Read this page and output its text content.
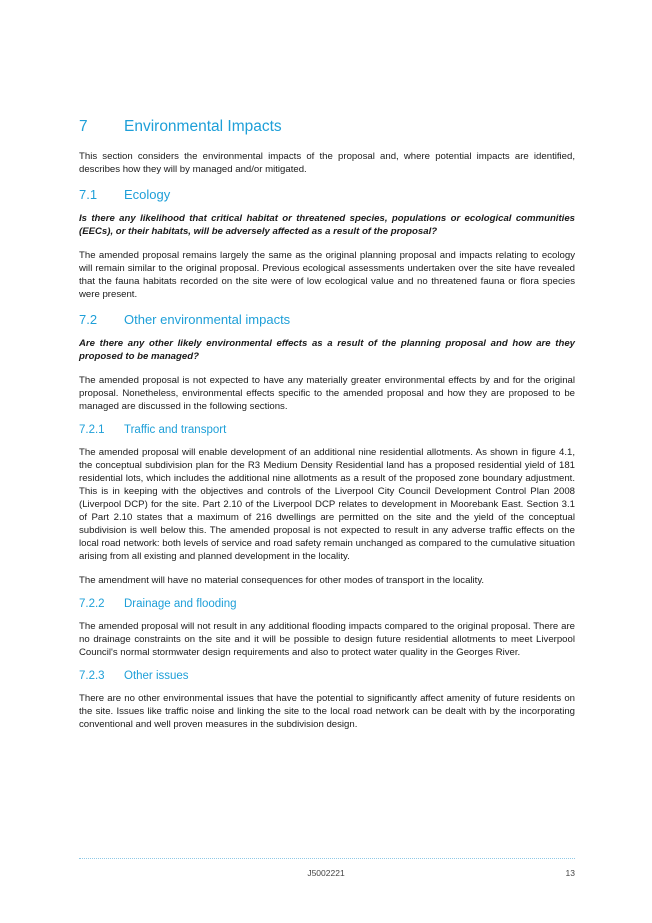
7	Environmental Impacts

This section considers the environmental impacts of the proposal and, where potential impacts are identified, describes how they will by managed and/or mitigated.

7.1	Ecology

Is there any likelihood that critical habitat or threatened species, populations or ecological communities (EECs), or their habitats, will be adversely affected as a result of the proposal?

The amended proposal remains largely the same as the original planning proposal and impacts relating to ecology will remain similar to the original proposal. Previous ecological assessments undertaken over the site have revealed that the fauna habitats recorded on the site were of low ecological value and no threatened fauna or flora species were present.

7.2	Other environmental impacts

Are there any other likely environmental effects as a result of the planning proposal and how are they proposed to be managed?

The amended proposal is not expected to have any materially greater environmental effects by and for the original proposal. Nonetheless, environmental effects specific to the amended proposal and how they are proposed to be managed are discussed in the following sections.

7.2.1	Traffic and transport

The amended proposal will enable development of an additional nine residential allotments. As shown in figure 4.1, the conceptual subdivision plan for the R3 Medium Density Residential land has a proposed residential yield of 181 residential lots, which includes the additional nine allotments as a result of the proposed zone boundary adjustment. This is in keeping with the objectives and controls of the Liverpool City Council Development Control Plan 2008 (Liverpool DCP) for the site. Part 2.10 of the Liverpool DCP relates to development in Moorebank East. Section 3.1 of Part 2.10 states that a maximum of 216 dwellings are permitted on the site and the yield of the conceptual subdivision is well below this. The amended proposal is not expected to result in any adverse traffic effects on the local road network: both levels of service and road safety remain unchanged as compared to the cumulative situation arising from all existing and planned development in the locality.

The amendment will have no material consequences for other modes of transport in the locality.

7.2.2	Drainage and flooding

The amended proposal will not result in any additional flooding impacts compared to the original proposal. There are no drainage constraints on the site and it will be possible to design future residential allotments to meet Liverpool Council's normal stormwater design requirements and also to protect water quality in the Georges River.

7.2.3	Other issues

There are no other environmental issues that have the potential to significantly affect amenity of future residents on the site. Issues like traffic noise and linking the site to the local road network can be dealt with by the incorporating conventional and well proven measures in the subdivision design.

J5002221	13
